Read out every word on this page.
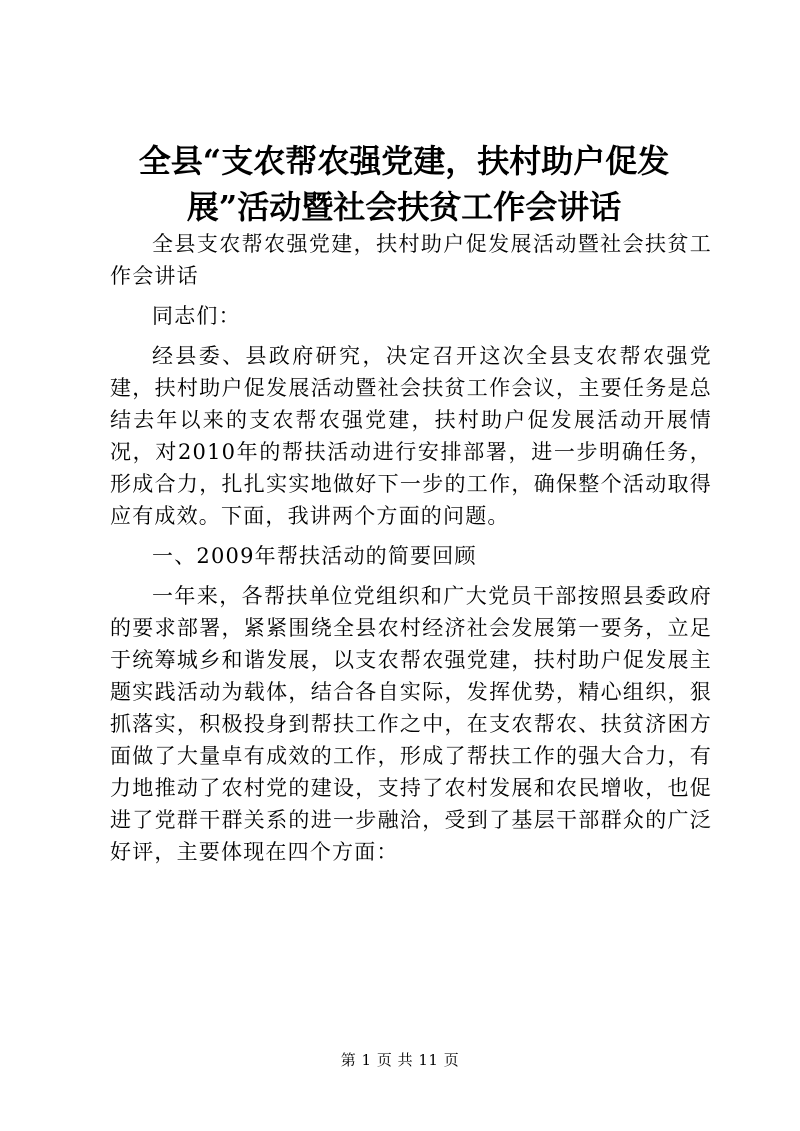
全县“支农帮农强党建，扶村助户促发展”活动暨社会扶贫工作会讲话

全县支农帮农强党建，扶村助户促发展活动暨社会扶贫工作会讲话

同志们：

经县委、县政府研究，决定召开这次全县支农帮农强党建，扶村助户促发展活动暨社会扶贫工作会议，主要任务是总结去年以来的支农帮农强党建，扶村助户促发展活动开展情况，对2010年的帮扶活动进行安排部署，进一步明确任务，形成合力，扎扎实实地做好下一步的工作，确保整个活动取得应有成效。下面，我讲两个方面的问题。

一、2009年帮扶活动的简要回顾

一年来，各帮扶单位党组织和广大党员干部按照县委政府的要求部署，紧紧围绕全县农村经济社会发展第一要务，立足于统筹城乡和谐发展，以支农帮农强党建，扶村助户促发展主题实践活动为载体，结合各自实际，发挥优势，精心组织，狠抓落实，积极投身到帮扶工作之中，在支农帮农、扶贫济困方面做了大量卓有成效的工作，形成了帮扶工作的强大合力，有力地推动了农村党的建设，支持了农村发展和农民增收，也促进了党群干群关系的进一步融洽，受到了基层干部群众的广泛好评，主要体现在四个方面：

第 1 页 共 11 页
